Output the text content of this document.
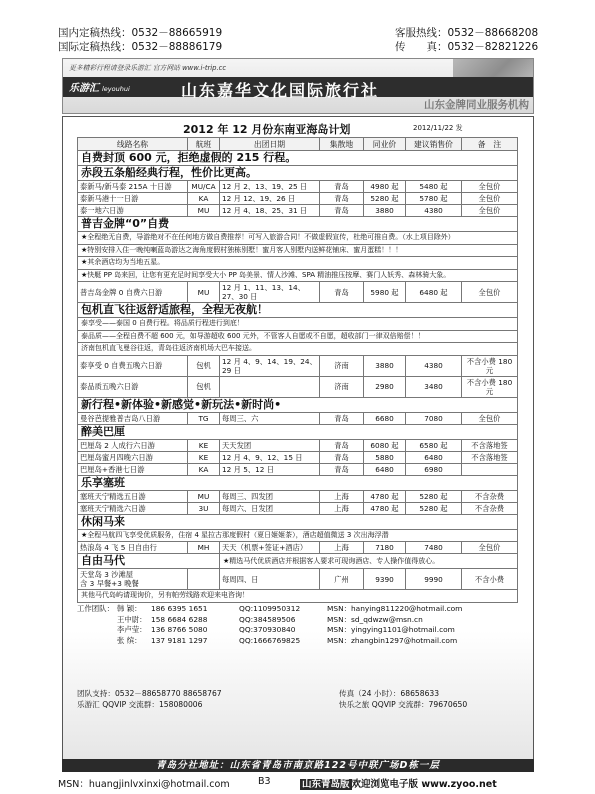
国内定稿热线：0532－88665919
国际定稿热线：0532－88886179
客服热线：0532－88668208
传　　真：0532－82821226
更多精彩行程请登录乐游汇 官方网站 www.i-trip.cc
乐游汇 leyouhui	山东嘉华文化国际旅行社
山东金牌同业服务机构
2012 年 12 月份东南亚海岛计划	2012/11/22 发
线路名称	航班	出团日期	集散地	同业价	建议销售价	备　注
自费封顶 600 元，拒绝虚假的 215 行程。						
赤段五条船经典行程，性价比更高。						
泰新马/新马泰 215A 十日游	MU/CA	12 月 2、13、19、25 日	青岛	4980 起	5480 起	全包价
泰新马港十一日游	KA	12 月 12、19、26 日	青岛	5280 起	5780 起	全包价
泰一地六日游	MU	12 月 4、18、25、31 日	青岛	3880	4380	全包价
普吉金牌“0”自费						
★全程绝无自费，导游绝对不在任何地方做自费推荐！可写入旅游合同！不做虚假宣传，杜绝可推自费。（水上项目除外）						
★特别安排入住一晚纯喇蓝岛游达之海角度假村独栋别墅！蜜月客人别墅内送鲜花铺床、蜜月蛋糕！！！						
★其余酒店均为当地五星。						
★快艇 PP 岛来回，让您有更充足时间享受大小 PP 岛美景、情人沙滩、SPA 精油推压按摩、赛门人妖秀、森林骑大象。						
普吉岛金牌 0 自费六日游	MU	12 月 1、11、13、14、27、30 日	青岛	5980 起	6480 起	全包价
包机直飞往返舒适旅程，全程无夜航！						
泰享受——泰国 0 自费行程。将品质行程进行到底！						
泰品质——全程自费不超 600 元，如导游超收 600 元外，不管客人自愿或不自愿，超收部门一律双倍赔偿！！						
济南包机直飞曼谷往返，青岛往返济南机场大巴车接送。						
泰享受 0 自费五晚六日游	包机	12 月 4、9、14、19、24、29 日	济南	3880	4380	不含小费 180 元
泰品质五晚六日游	包机		济南	2980	3480	不含小费 180 元
新行程•新体验•新感觉•新玩法•新时尚•						
曼谷芭提雅普吉岛八日游	TG	每周三、六	青岛	6680	7080	全包价
醉美巴厘						
巴厘岛 2 人成行六日游	KE	天天发团	青岛	6080 起	6580 起	不含落地签
巴厘岛蜜月四晚六日游	KE	12 月 4、9、12、15 日	青岛	5880	6480	不含落地签
巴厘岛+香港七日游	KA	12 月 5、12 日	青岛	6480	6980	
乐享塞班						
塞班天宁精选五日游	MU	每周三、四发团	上海	4780 起	5280 起	不含杂费
塞班天宁精选六日游	3U	每周六、日发团	上海	4780 起	5280 起	不含杂费
休闲马来						
★全程马航四飞享受优质服务，住宿 4 星拉古那度假村（夏日姬姬茶），酒店超值微送 3 次出海浮潜						
热浪岛 4 飞 5 日自由行	MH	天天（机票+签证+酒店）	上海	7180	7480	全包价
自由马代		★精选马代优质酒店并根据客人要求可现询酒店、专人操作值得放心。				
天堂岛 3 沙滩屋
含 3 早餐+3 晚餐		每周四、日	广州	9390	9990	不含小费
其他马代岛屿请现询价，另有帕劳线路欢迎来电咨询！						
工作团队： 韩 颖：	186 6395 1651	QQ:1109950312	MSN：hanying811220@hotmail.com
王中尉： 158 6684 6288	QQ:384589506	MSN：sd_qdwzw@msn.cn
李卢莹： 136 8766 5080	QQ:370930840	MSN：yingying1101@hotmail.com
张 缤：	137 9181 1297	QQ:1666769825	MSN：zhangbin1297@hotmail.com
团队支持：0532－88658770 88658767	传真（24 小时）：68658633
乐游汇 QQVIP 交流群：158080006	快乐之旅 QQVIP 交流群：79670650
青岛分社地址：山东省青岛市南京路122号中联广场D栋一层
MSN：huangjinlvxinxi@hotmail.com	B3	山东青岛版 欢迎浏览电子版 www.zyoo.net
